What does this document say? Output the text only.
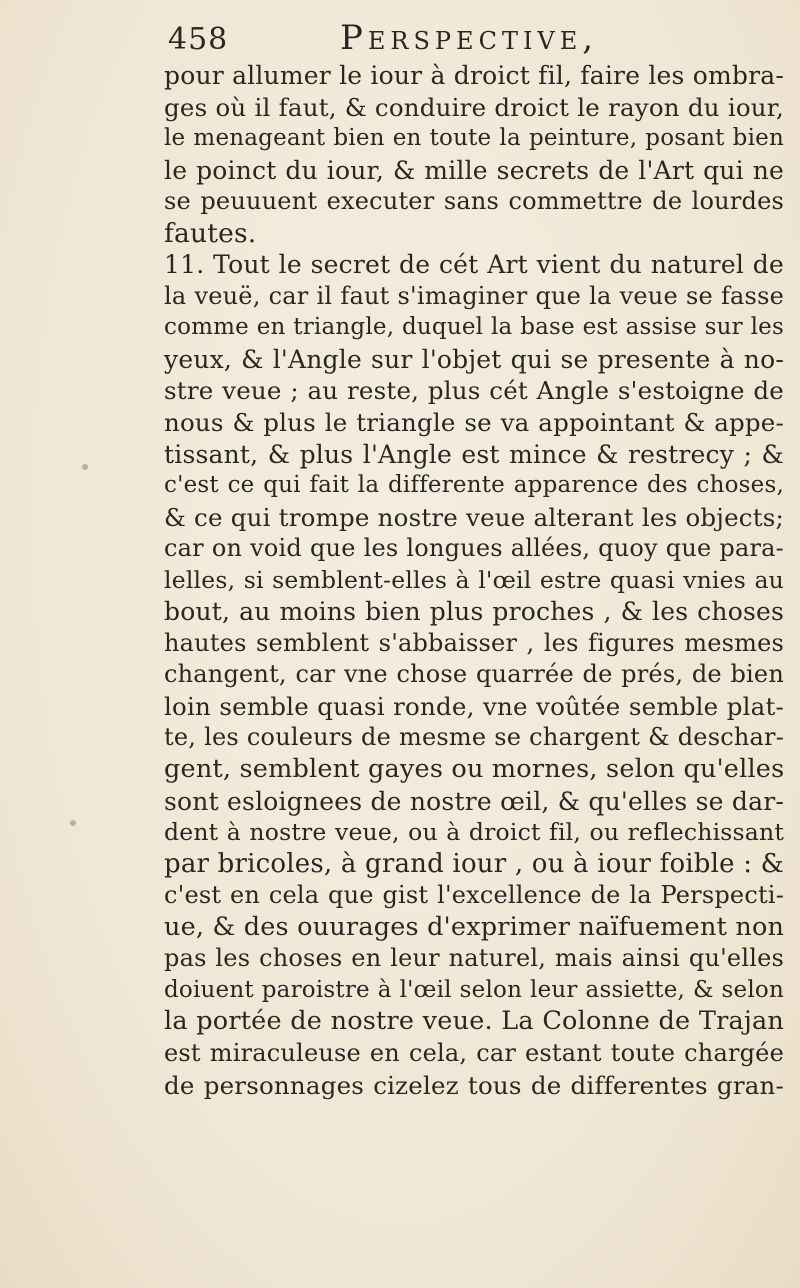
458	Perspective,
pour allumer le iour à droict fil, faire les ombra-
ges où il faut, & conduire droict le rayon du iour,
le menageant bien en toute la peinture, posant bien
le poinct du iour, & mille secrets de l'Art qui ne
se peuuuent executer sans commettre de lourdes
fautes.
11. Tout le secret de cét Art vient du naturel de
la veuë, car il faut s'imaginer que la veue se fasse
comme en triangle, duquel la base est assise sur les
yeux, & l'Angle sur l'objet qui se presente à no-
stre veue ; au reste, plus cét Angle s'estoigne de
nous & plus le triangle se va appointant & appe-
tissant, & plus l'Angle est mince & restrecy ; &
c'est ce qui fait la differente apparence des choses,
& ce qui trompe nostre veue alterant les objects;
car on void que les longues allées, quoy que para-
lelles, si semblent-elles à l'œil estre quasi vnies au
bout, au moins bien plus proches , & les choses
hautes semblent s'abbaisser , les figures mesmes
changent, car vne chose quarrée de prés, de bien
loin semble quasi ronde, vne voûtée semble plat-
te, les couleurs de mesme se chargent & deschar-
gent, semblent gayes ou mornes, selon qu'elles
sont esloignees de nostre œil, & qu'elles se dar-
dent à nostre veue, ou à droict fil, ou reflechissant
par bricoles, à grand iour , ou à iour foible : &
c'est en cela que gist l'excellence de la Perspecti-
ue, & des ouurages d'exprimer naïfuement non
pas les choses en leur naturel, mais ainsi qu'elles
doiuent paroistre à l'œil selon leur assiette, & selon
la portée de nostre veue. La Colonne de Trajan
est miraculeuse en cela, car estant toute chargée
de personnages cizelez tous de differentes gran-
